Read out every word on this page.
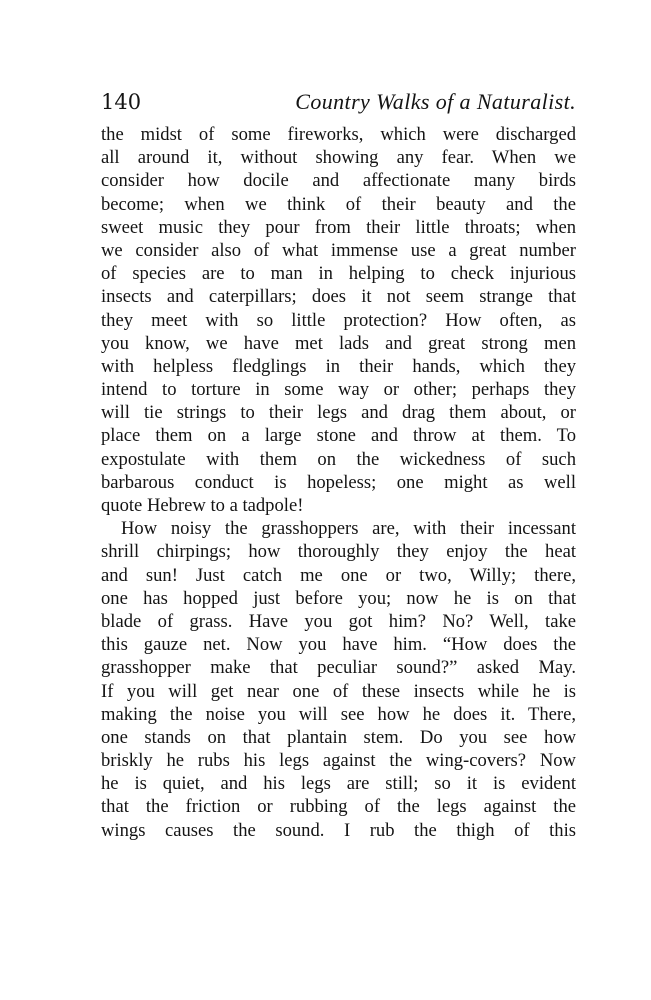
140	Country Walks of a Naturalist.
the midst of some fireworks, which were discharged
all around it, without showing any fear. When we
consider how docile and affectionate many birds
become; when we think of their beauty and the
sweet music they pour from their little throats; when
we consider also of what immense use a great number
of species are to man in helping to check injurious
insects and caterpillars; does it not seem strange that
they meet with so little protection? How often, as
you know, we have met lads and great strong men
with helpless fledglings in their hands, which they
intend to torture in some way or other; perhaps they
will tie strings to their legs and drag them about, or
place them on a large stone and throw at them. To
expostulate with them on the wickedness of such
barbarous conduct is hopeless; one might as well
quote Hebrew to a tadpole!
How noisy the grasshoppers are, with their incessant
shrill chirpings; how thoroughly they enjoy the heat
and sun! Just catch me one or two, Willy; there,
one has hopped just before you; now he is on that
blade of grass. Have you got him? No? Well, take
this gauze net. Now you have him. “How does the
grasshopper make that peculiar sound?” asked May.
If you will get near one of these insects while he is
making the noise you will see how he does it. There,
one stands on that plantain stem. Do you see how
briskly he rubs his legs against the wing-covers? Now
he is quiet, and his legs are still; so it is evident
that the friction or rubbing of the legs against the
wings causes the sound. I rub the thigh of this
